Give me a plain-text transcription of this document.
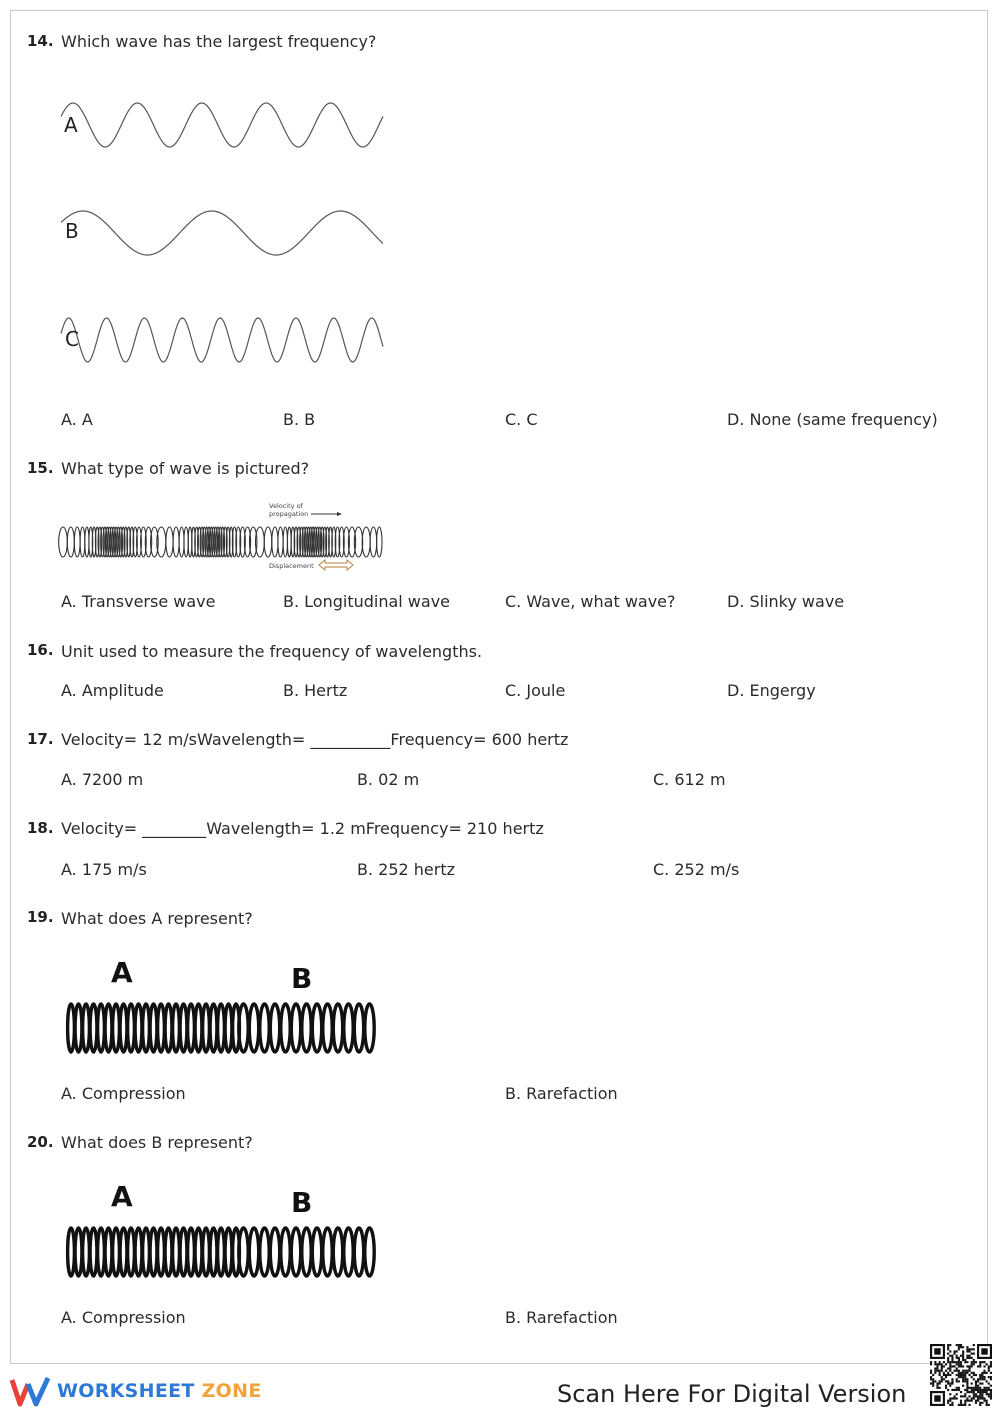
14. Which wave has the largest frequency?
A
B
C
A. A	B. B	C. C	D. None (same frequency)
15. What type of wave is pictured?
Velocity of
propagation
Displacement
A. Transverse wave	B. Longitudinal wave	C. Wave, what wave?	D. Slinky wave
16. Unit used to measure the frequency of wavelengths.
A. Amplitude	B. Hertz	C. Joule	D. Engergy
17. Velocity= 12 m/sWavelength= __________Frequency= 600 hertz
A. 7200 m	B. 02 m	C. 612 m
18. Velocity= ________Wavelength= 1.2 mFrequency= 210 hertz
A. 175 m/s	B. 252 hertz	C. 252 m/s
19. What does A represent?
A	B
A. Compression	B. Rarefaction
20. What does B represent?
A	B
A. Compression	B. Rarefaction
WORKSHEET ZONE	Scan Here For Digital Version
